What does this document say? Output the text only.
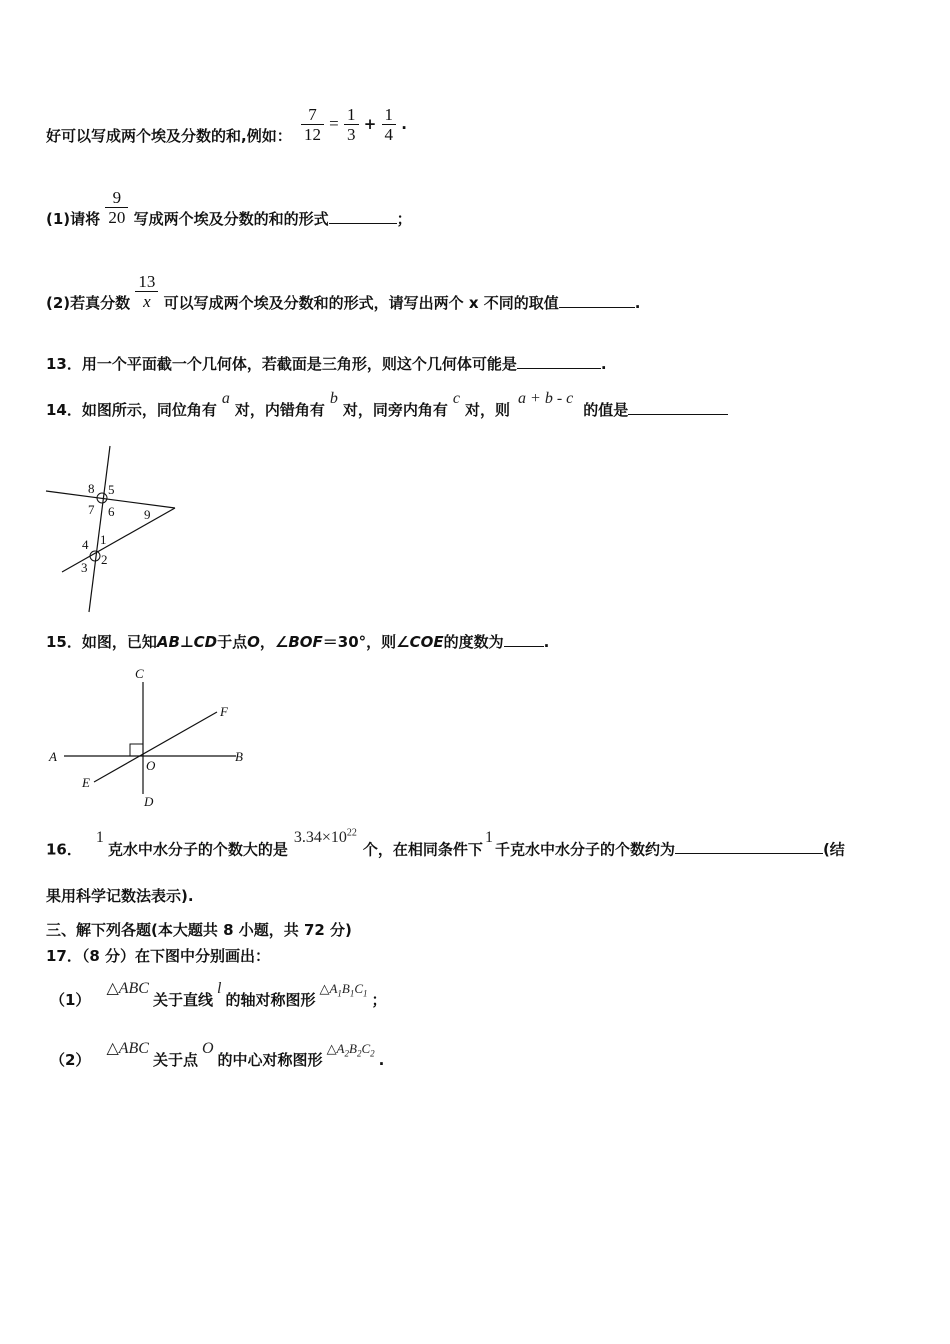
好可以写成两个埃及分数的和,例如： $\frac{7}{12} = \frac{1}{3} + \frac{1}{4}$ .
(1)请将 $\frac{9}{20}$ 写成两个埃及分数的和的形式	；
(2)若真分数 $\frac{13}{x}$ 可以写成两个埃及分数和的形式，请写出两个 x 不同的取值	.
13．用一个平面截一个几何体，若截面是三角形，则这个几何体可能是	.
14．如图所示，同位角有a对，内错角有b对，同旁内角有c对，则a + b - c的值是
8 5
7 6 9
4 1
3
2
15．如图，已知AB⊥CD于点O，∠BOF＝30°，则∠COE的度数为	.
C
F
A
O
B
E
D
16．1克水中水分子的个数大的是$3.34\times 10^{22}$个，在相同条件下1千克水中水分子的个数约为	(结
果用科学记数法表示).
三、解下列各题(本大题共 8 小题，共 72 分)
17．（8 分）在下图中分别画出：
（1）△ABC关于直线l的轴对称图形$\triangle A_1B_1C_1$ ；
（2）△ABC关于点O的中心对称图形$\triangle A_2B_2C_2$ .
